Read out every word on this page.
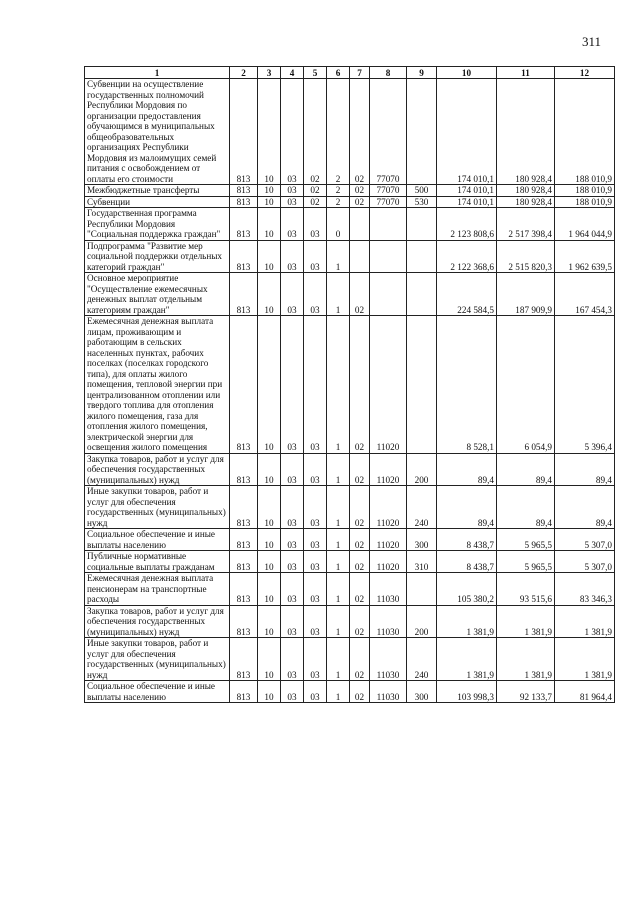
311
1	2	3	4	5	6	7	8	9	10	11	12
Субвенции на осуществление государственных полномочий Республики Мордовия по организации предоставления обучающимся в муниципальных общеобразовательных организациях Республики Мордовия из малоимущих семей питания с освобождением от оплаты его стоимости	813	10	03	02	2	02	77070		174 010,1	180 928,4	188 010,9
Межбюджетные трансферты	813	10	03	02	2	02	77070	500	174 010,1	180 928,4	188 010,9
Субвенции	813	10	03	02	2	02	77070	530	174 010,1	180 928,4	188 010,9
Государственная программа Республики Мордовия "Социальная поддержка граждан"	813	10	03	03	0				2 123 808,6	2 517 398,4	1 964 044,9
Подпрограмма "Развитие мер социальной поддержки отдельных категорий граждан"	813	10	03	03	1				2 122 368,6	2 515 820,3	1 962 639,5
Основное мероприятие "Осуществление ежемесячных денежных выплат отдельным категориям граждан"	813	10	03	03	1	02			224 584,5	187 909,9	167 454,3
Ежемесячная денежная выплата лицам, проживающим и работающим в сельских населенных пунктах, рабочих поселках (поселках городского типа), для оплаты жилого помещения, тепловой энергии при централизованном отоплении или твердого топлива для отопления жилого помещения, газа для отопления жилого помещения, электрической энергии для освещения жилого помещения	813	10	03	03	1	02	11020		8 528,1	6 054,9	5 396,4
Закупка товаров, работ и услуг для обеспечения государственных (муниципальных) нужд	813	10	03	03	1	02	11020	200	89,4	89,4	89,4
Иные закупки товаров, работ и услуг для обеспечения государственных (муниципальных) нужд	813	10	03	03	1	02	11020	240	89,4	89,4	89,4
Социальное обеспечение и иные выплаты населению	813	10	03	03	1	02	11020	300	8 438,7	5 965,5	5 307,0
Публичные нормативные социальные выплаты гражданам	813	10	03	03	1	02	11020	310	8 438,7	5 965,5	5 307,0
Ежемесячная денежная выплата пенсионерам на транспортные расходы	813	10	03	03	1	02	11030		105 380,2	93 515,6	83 346,3
Закупка товаров, работ и услуг для обеспечения государственных (муниципальных) нужд	813	10	03	03	1	02	11030	200	1 381,9	1 381,9	1 381,9
Иные закупки товаров, работ и услуг для обеспечения государственных (муниципальных) нужд	813	10	03	03	1	02	11030	240	1 381,9	1 381,9	1 381,9
Социальное обеспечение и иные выплаты населению	813	10	03	03	1	02	11030	300	103 998,3	92 133,7	81 964,4
